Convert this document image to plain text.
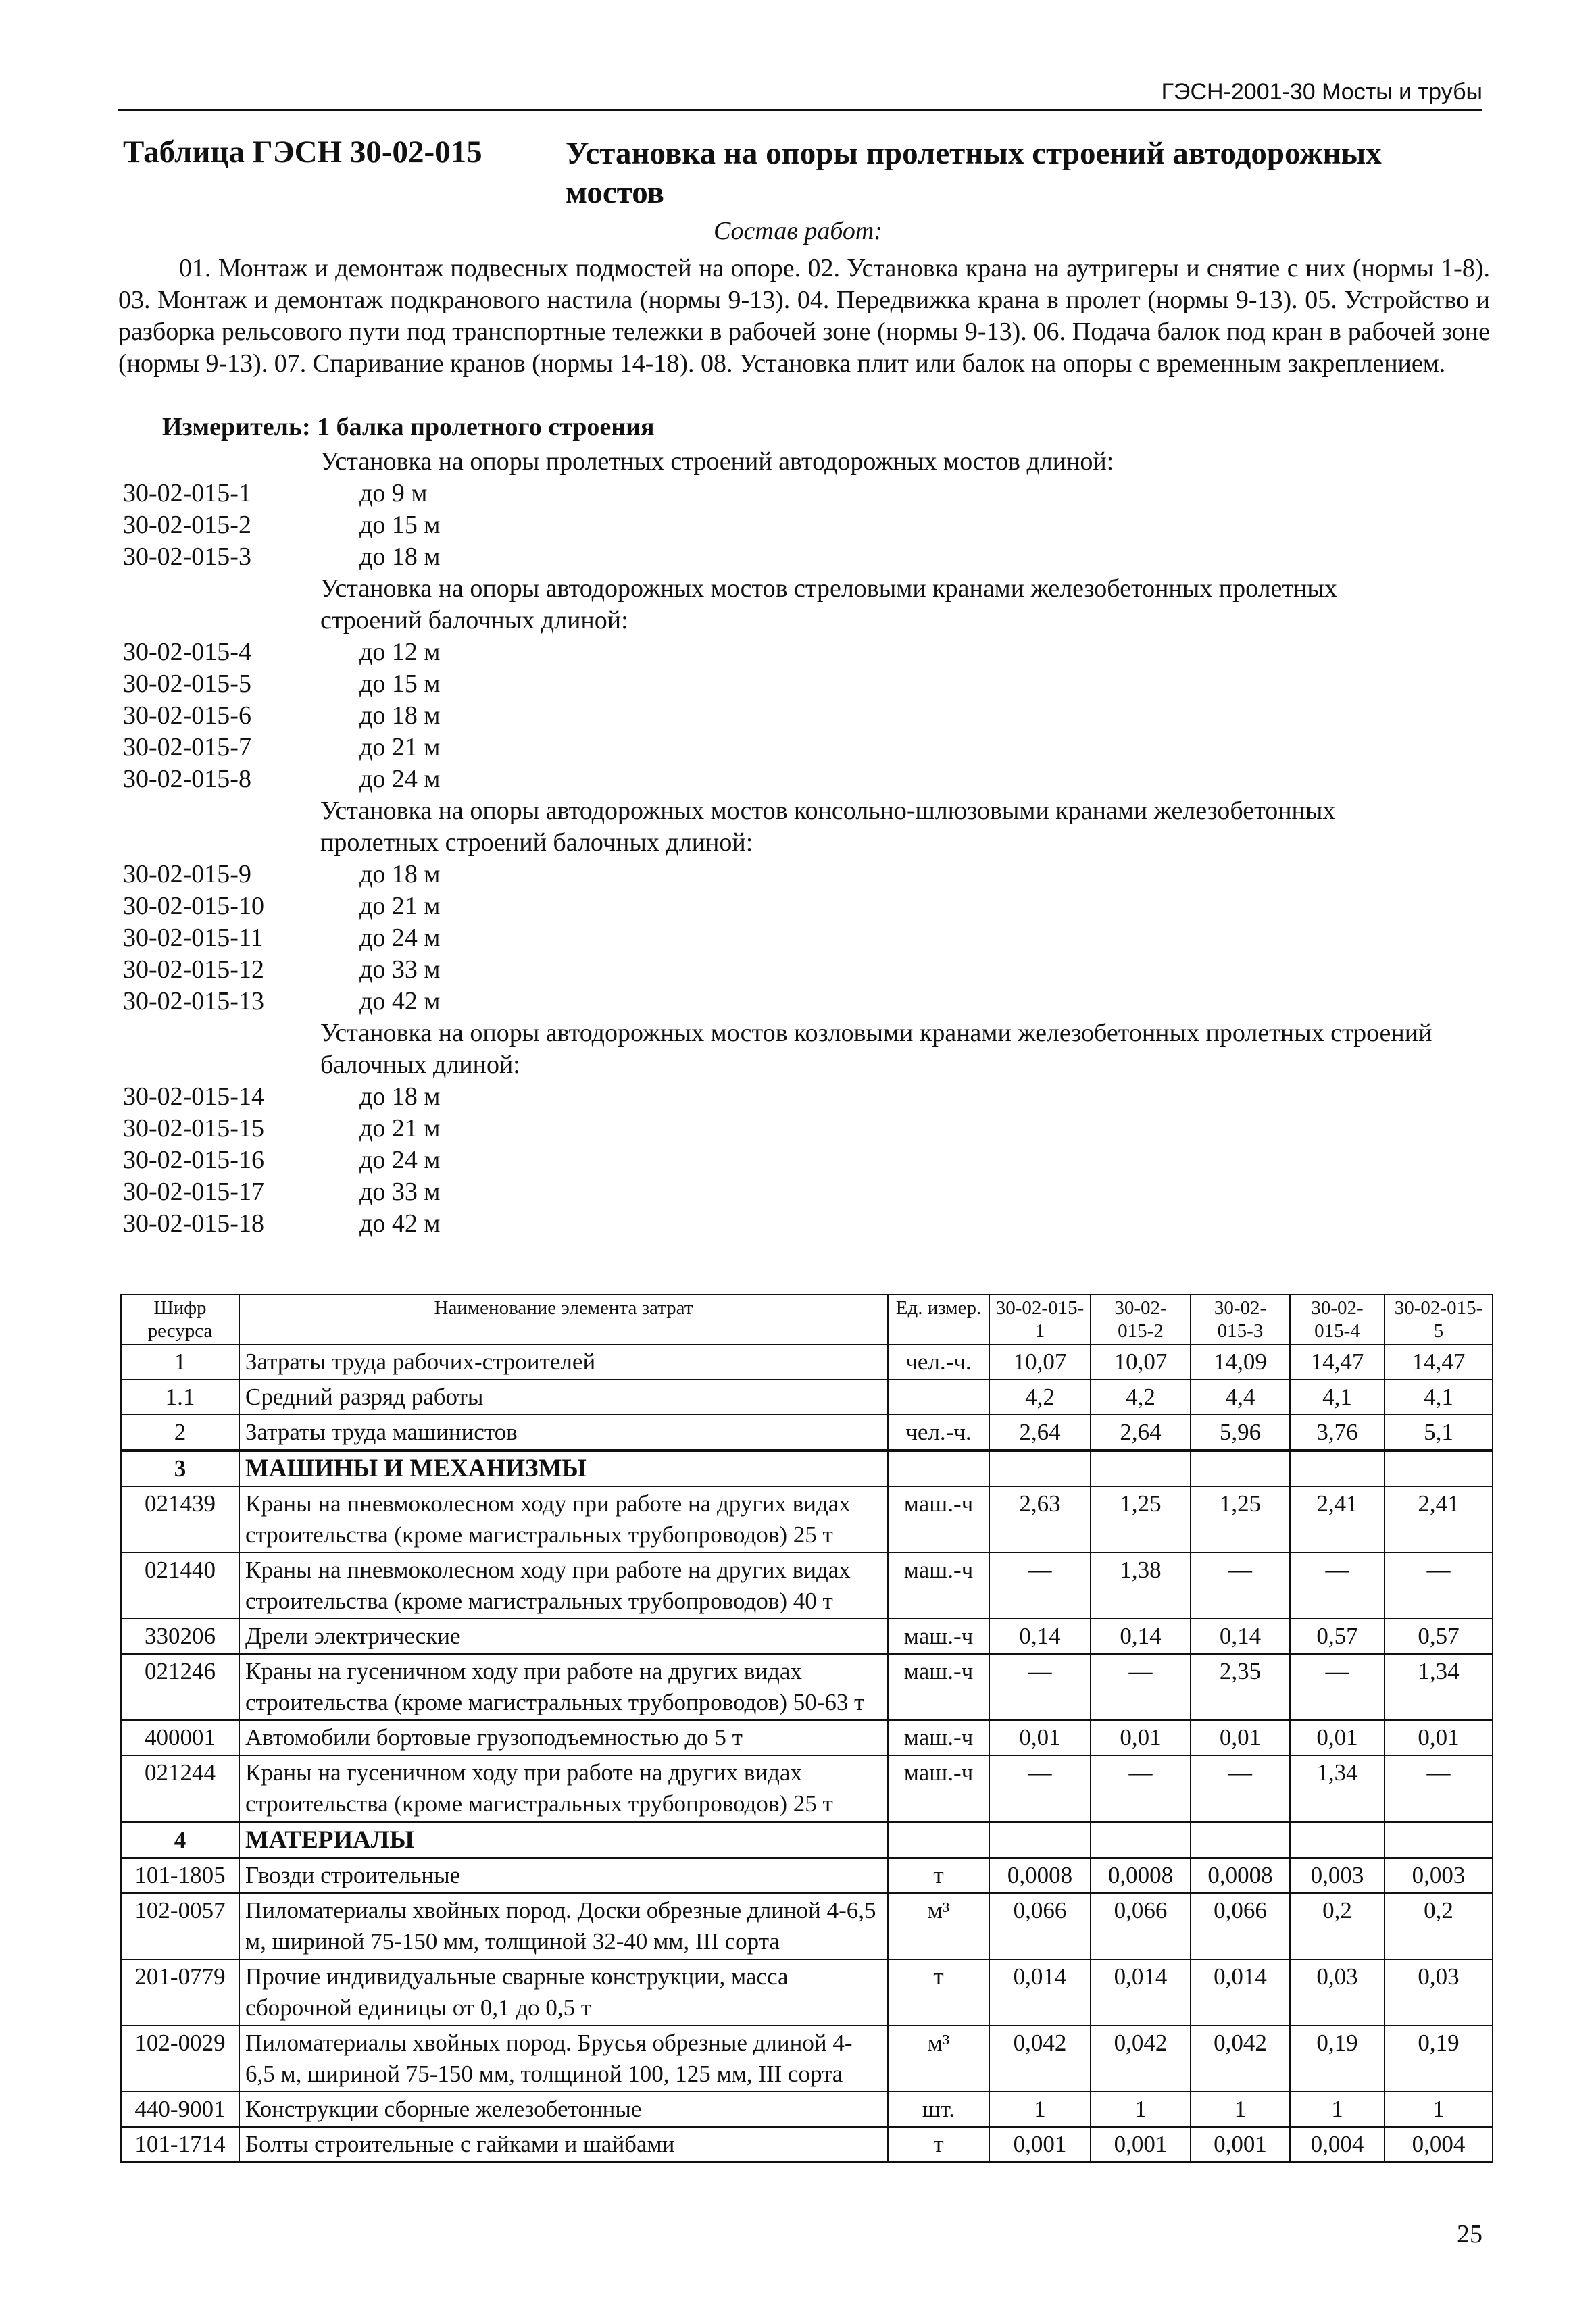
ГЭСН-2001-30 Мосты и трубы
Таблица ГЭСН 30-02-015	Установка на опоры пролетных строений автодорожных мостов
Состав работ:
01. Монтаж и демонтаж подвесных подмостей на опоре. 02. Установка крана на аутригеры и снятие с них (нормы 1-8). 03. Монтаж и демонтаж подкранового настила (нормы 9-13). 04. Передвижка крана в пролет (нормы 9-13). 05. Устройство и разборка рельсового пути под транспортные тележки в рабочей зоне (нормы 9-13). 06. Подача балок под кран в рабочей зоне (нормы 9-13). 07. Спаривание кранов (нормы 14-18). 08. Установка плит или балок на опоры с временным закреплением.
Измеритель: 1 балка пролетного строения
Установка на опоры пролетных строений автодорожных мостов длиной:
30-02-015-1	до 9 м
30-02-015-2	до 15 м
30-02-015-3	до 18 м
Установка на опоры автодорожных мостов стреловыми кранами железобетонных пролетных строений балочных длиной:
30-02-015-4	до 12 м
30-02-015-5	до 15 м
30-02-015-6	до 18 м
30-02-015-7	до 21 м
30-02-015-8	до 24 м
Установка на опоры автодорожных мостов консольно-шлюзовыми кранами железобетонных пролетных строений балочных длиной:
30-02-015-9	до 18 м
30-02-015-10	до 21 м
30-02-015-11	до 24 м
30-02-015-12	до 33 м
30-02-015-13	до 42 м
Установка на опоры автодорожных мостов козловыми кранами железобетонных пролетных строений балочных длиной:
30-02-015-14	до 18 м
30-02-015-15	до 21 м
30-02-015-16	до 24 м
30-02-015-17	до 33 м
30-02-015-18	до 42 м
Шифр ресурса	Наименование элемента затрат	Ед. измер.	30-02-015-1	30-02-015-2	30-02-015-3	30-02-015-4	30-02-015-5
1	Затраты труда рабочих-строителей	чел.-ч.	10,07	10,07	14,09	14,47	14,47
1.1	Средний разряд работы		4,2	4,2	4,4	4,1	4,1
2	Затраты труда машинистов	чел.-ч.	2,64	2,64	5,96	3,76	5,1
3	МАШИНЫ И МЕХАНИЗМЫ						
021439	Краны на пневмоколесном ходу при работе на других видах строительства (кроме магистральных трубопроводов) 25 т	маш.-ч	2,63	1,25	1,25	2,41	2,41
021440	Краны на пневмоколесном ходу при работе на других видах строительства (кроме магистральных трубопроводов) 40 т	маш.-ч	—	1,38	—	—	—
330206	Дрели электрические	маш.-ч	0,14	0,14	0,14	0,57	0,57
021246	Краны на гусеничном ходу при работе на других видах строительства (кроме магистральных трубопроводов) 50-63 т	маш.-ч	—	—	2,35	—	1,34
400001	Автомобили бортовые грузоподъемностью до 5 т	маш.-ч	0,01	0,01	0,01	0,01	0,01
021244	Краны на гусеничном ходу при работе на других видах строительства (кроме магистральных трубопроводов) 25 т	маш.-ч	—	—	—	1,34	—
4	МАТЕРИАЛЫ						
101-1805	Гвозди строительные	т	0,0008	0,0008	0,0008	0,003	0,003
102-0057	Пиломатериалы хвойных пород. Доски обрезные длиной 4-6,5 м, шириной 75-150 мм, толщиной 32-40 мм, III сорта	м³	0,066	0,066	0,066	0,2	0,2
201-0779	Прочие индивидуальные сварные конструкции, масса сборочной единицы от 0,1 до 0,5 т	т	0,014	0,014	0,014	0,03	0,03
102-0029	Пиломатериалы хвойных пород. Брусья обрезные длиной 4-6,5 м, шириной 75-150 мм, толщиной 100, 125 мм, III сорта	м³	0,042	0,042	0,042	0,19	0,19
440-9001	Конструкции сборные железобетонные	шт.	1	1	1	1	1
101-1714	Болты строительные с гайками и шайбами	т	0,001	0,001	0,001	0,004	0,004
25
